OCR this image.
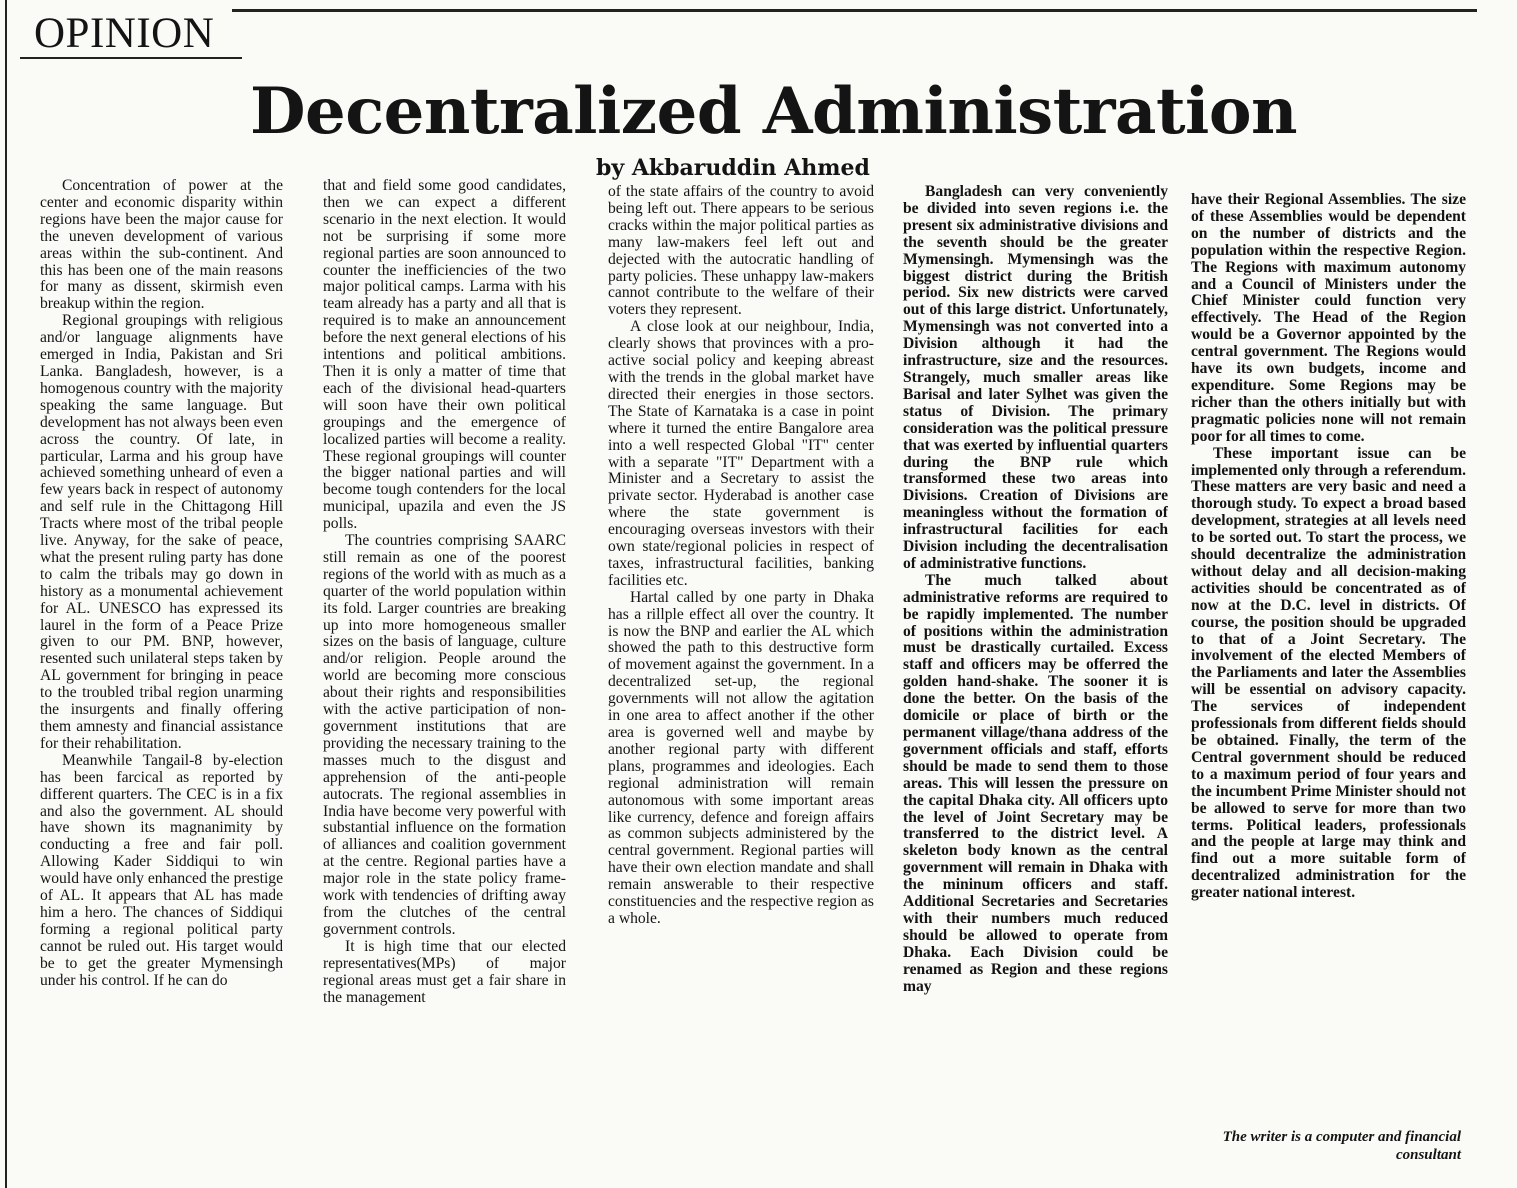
OPINION
Decentralized Administration
by Akbaruddin Ahmed

Concentration of power at the center and economic disparity within regions have been the major cause for the uneven development of various areas within the sub-continent. And this has been one of the main reasons for many as dissent, skirmish even breakup within the region.

Regional groupings with religious and/or language alignments have emerged in India, Pakistan and Sri Lanka. Bangladesh, however, is a homogenous country with the majority speaking the same language. But development has not always been even across the country. Of late, in particular, Larma and his group have achieved something unheard of even a few years back in respect of autonomy and self rule in the Chittagong Hill Tracts where most of the tribal people live. Anyway, for the sake of peace, what the present ruling party has done to calm the tribals may go down in history as a monumental achievement for AL. UNESCO has expressed its laurel in the form of a Peace Prize given to our PM. BNP, however, resented such unilateral steps taken by AL government for bringing in peace to the troubled tribal region unarming the insurgents and finally offering them amnesty and financial assistance for their rehabilitation.

Meanwhile Tangail-8 by-election has been farcical as reported by different quarters. The CEC is in a fix and also the government. AL should have shown its magnanimity by conducting a free and fair poll. Allowing Kader Siddiqui to win would have only enhanced the prestige of AL. It appears that AL has made him a hero. The chances of Siddiqui forming a regional political party cannot be ruled out. His target would be to get the greater Mymensingh under his control. If he can do

that and field some good candidates, then we can expect a different scenario in the next election. It would not be surprising if some more regional parties are soon announced to counter the inefficiencies of the two major political camps. Larma with his team already has a party and all that is required is to make an announcement before the next general elections of his intentions and political ambitions. Then it is only a matter of time that each of the divisional head-quarters will soon have their own political groupings and the emergence of localized parties will become a reality. These regional groupings will counter the bigger national parties and will become tough contenders for the local municipal, upazila and even the JS polls.

The countries comprising SAARC still remain as one of the poorest regions of the world with as much as a quarter of the world population within its fold. Larger countries are breaking up into more homogeneous smaller sizes on the basis of language, culture and/or religion. People around the world are becoming more conscious about their rights and responsibilities with the active participation of non-government institutions that are providing the necessary training to the masses much to the disgust and apprehension of the anti-people autocrats. The regional assemblies in India have become very powerful with substantial influence on the formation of alliances and coalition government at the centre. Regional parties have a major role in the state policy frame-work with tendencies of drifting away from the clutches of the central government controls.

It is high time that our elected representatives(MPs) of major regional areas must get a fair share in the management

of the state affairs of the country to avoid being left out. There appears to be serious cracks within the major political parties as many law-makers feel left out and dejected with the autocratic handling of party policies. These unhappy law-makers cannot contribute to the welfare of their voters they represent.

A close look at our neighbour, India, clearly shows that provinces with a pro-active social policy and keeping abreast with the trends in the global market have directed their energies in those sectors. The State of Karnataka is a case in point where it turned the entire Bangalore area into a well respected Global "IT" center with a separate "IT" Department with a Minister and a Secretary to assist the private sector. Hyderabad is another case where the state government is encouraging overseas investors with their own state/regional policies in respect of taxes, infrastructural facilities, banking facilities etc.

Hartal called by one party in Dhaka has a rillple effect all over the country. It is now the BNP and earlier the AL which showed the path to this destructive form of movement against the government. In a decentralized set-up, the regional governments will not allow the agitation in one area to affect another if the other area is governed well and maybe by another regional party with different plans, programmes and ideologies. Each regional administration will remain autonomous with some important areas like currency, defence and foreign affairs as common subjects administered by the central government. Regional parties will have their own election mandate and shall remain answerable to their respective constituencies and the respective region as a whole.

Bangladesh can very conveniently be divided into seven regions i.e. the present six administrative divisions and the seventh should be the greater Mymensingh. Mymensingh was the biggest district during the British period. Six new districts were carved out of this large district. Unfortunately, Mymensingh was not converted into a Division although it had the infrastructure, size and the resources. Strangely, much smaller areas like Barisal and later Sylhet was given the status of Division. The primary consideration was the political pressure that was exerted by influential quarters during the BNP rule which transformed these two areas into Divisions. Creation of Divisions are meaningless without the formation of infrastructural facilities for each Division including the decentralisation of administrative functions.

The much talked about administrative reforms are required to be rapidly implemented. The number of positions within the administration must be drastically curtailed. Excess staff and officers may be offerred the golden hand-shake. The sooner it is done the better. On the basis of the domicile or place of birth or the permanent village/thana address of the government officials and staff, efforts should be made to send them to those areas. This will lessen the pressure on the capital Dhaka city. All officers upto the level of Joint Secretary may be transferred to the district level. A skeleton body known as the central government will remain in Dhaka with the mininum officers and staff. Additional Secretaries and Secretaries with their numbers much reduced should be allowed to operate from Dhaka. Each Division could be renamed as Region and these regions may

have their Regional Assemblies. The size of these Assemblies would be dependent on the number of districts and the population within the respective Region. The Regions with maximum autonomy and a Council of Ministers under the Chief Minister could function very effectively. The Head of the Region would be a Governor appointed by the central government. The Regions would have its own budgets, income and expenditure. Some Regions may be richer than the others initially but with pragmatic policies none will not remain poor for all times to come.

These important issue can be implemented only through a referendum. These matters are very basic and need a thorough study. To expect a broad based development, strategies at all levels need to be sorted out. To start the process, we should decentralize the administration without delay and all decision-making activities should be concentrated as of now at the D.C. level in districts. Of course, the position should be upgraded to that of a Joint Secretary. The involvement of the elected Members of the Parliaments and later the Assemblies will be essential on advisory capacity. The services of independent professionals from different fields should be obtained. Finally, the term of the Central government should be reduced to a maximum period of four years and the incumbent Prime Minister should not be allowed to serve for more than two terms. Political leaders, professionals and the people at large may think and find out a more suitable form of decentralized administration for the greater national interest.

The writer is a computer and financial consultant
